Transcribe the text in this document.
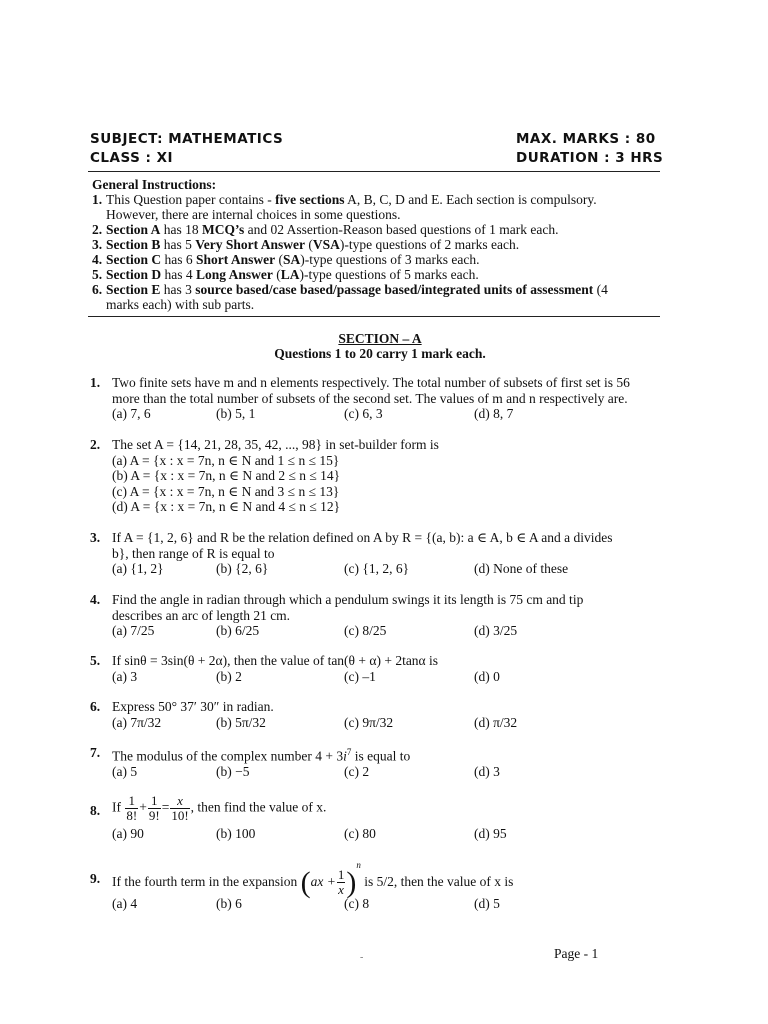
SUBJECT: MATHEMATICS	MAX. MARKS : 80
CLASS : XI	DURATION : 3 HRS
General Instructions:
1. This Question paper contains - five sections A, B, C, D and E. Each section is compulsory.
However, there are internal choices in some questions.
2. Section A has 18 MCQ’s and 02 Assertion-Reason based questions of 1 mark each.
3. Section B has 5 Very Short Answer (VSA)-type questions of 2 marks each.
4. Section C has 6 Short Answer (SA)-type questions of 3 marks each.
5. Section D has 4 Long Answer (LA)-type questions of 5 marks each.
6. Section E has 3 source based/case based/passage based/integrated units of assessment (4
marks each) with sub parts.
SECTION – A
Questions 1 to 20 carry 1 mark each.
1. Two finite sets have m and n elements respectively. The total number of subsets of first set is 56
more than the total number of subsets of the second set. The values of m and n respectively are.
(a) 7, 6	(b) 5, 1	(c) 6, 3	(d) 8, 7
2. The set A = {14, 21, 28, 35, 42, ..., 98} in set-builder form is
(a) A = {x : x = 7n, n ∈ N and 1 ≤ n ≤ 15}
(b) A = {x : x = 7n, n ∈ N and 2 ≤ n ≤ 14}
(c) A = {x : x = 7n, n ∈ N and 3 ≤ n ≤ 13}
(d) A = {x : x = 7n, n ∈ N and 4 ≤ n ≤ 12}
3. If A = {1, 2, 6} and R be the relation defined on A by R = {(a, b): a ∈ A, b ∈ A and a divides
b}, then range of R is equal to
(a) {1, 2}	(b) {2, 6}	(c) {1, 2, 6}	(d) None of these
4. Find the angle in radian through which a pendulum swings it its length is 75 cm and tip
describes an arc of length 21 cm.
(a) 7/25	(b) 6/25	(c) 8/25	(d) 3/25
5. If sinθ = 3sin(θ + 2α), then the value of tan(θ + α) + 2tanα is
(a) 3	(b) 2	(c) –1	(d) 0
6. Express 50° 37′ 30″ in radian.
(a) 7π/32	(b) 5π/32	(c) 9π/32	(d) π/32
7. The modulus of the complex number $4 + 3i^7$ is equal to
(a) 5	(b) −5	(c) 2	(d) 3
8. If $\frac{1}{8!} + \frac{1}{9!} = \frac{x}{10!}$ , then find the value of x.
(a) 90	(b) 100	(c) 80	(d) 95
9. If the fourth term in the expansion $(ax + \frac{1}{x} )^n$ is 5/2, then the value of x is
(a) 4	(b) 6	(c) 8	(d) 5
Page - 1
-
